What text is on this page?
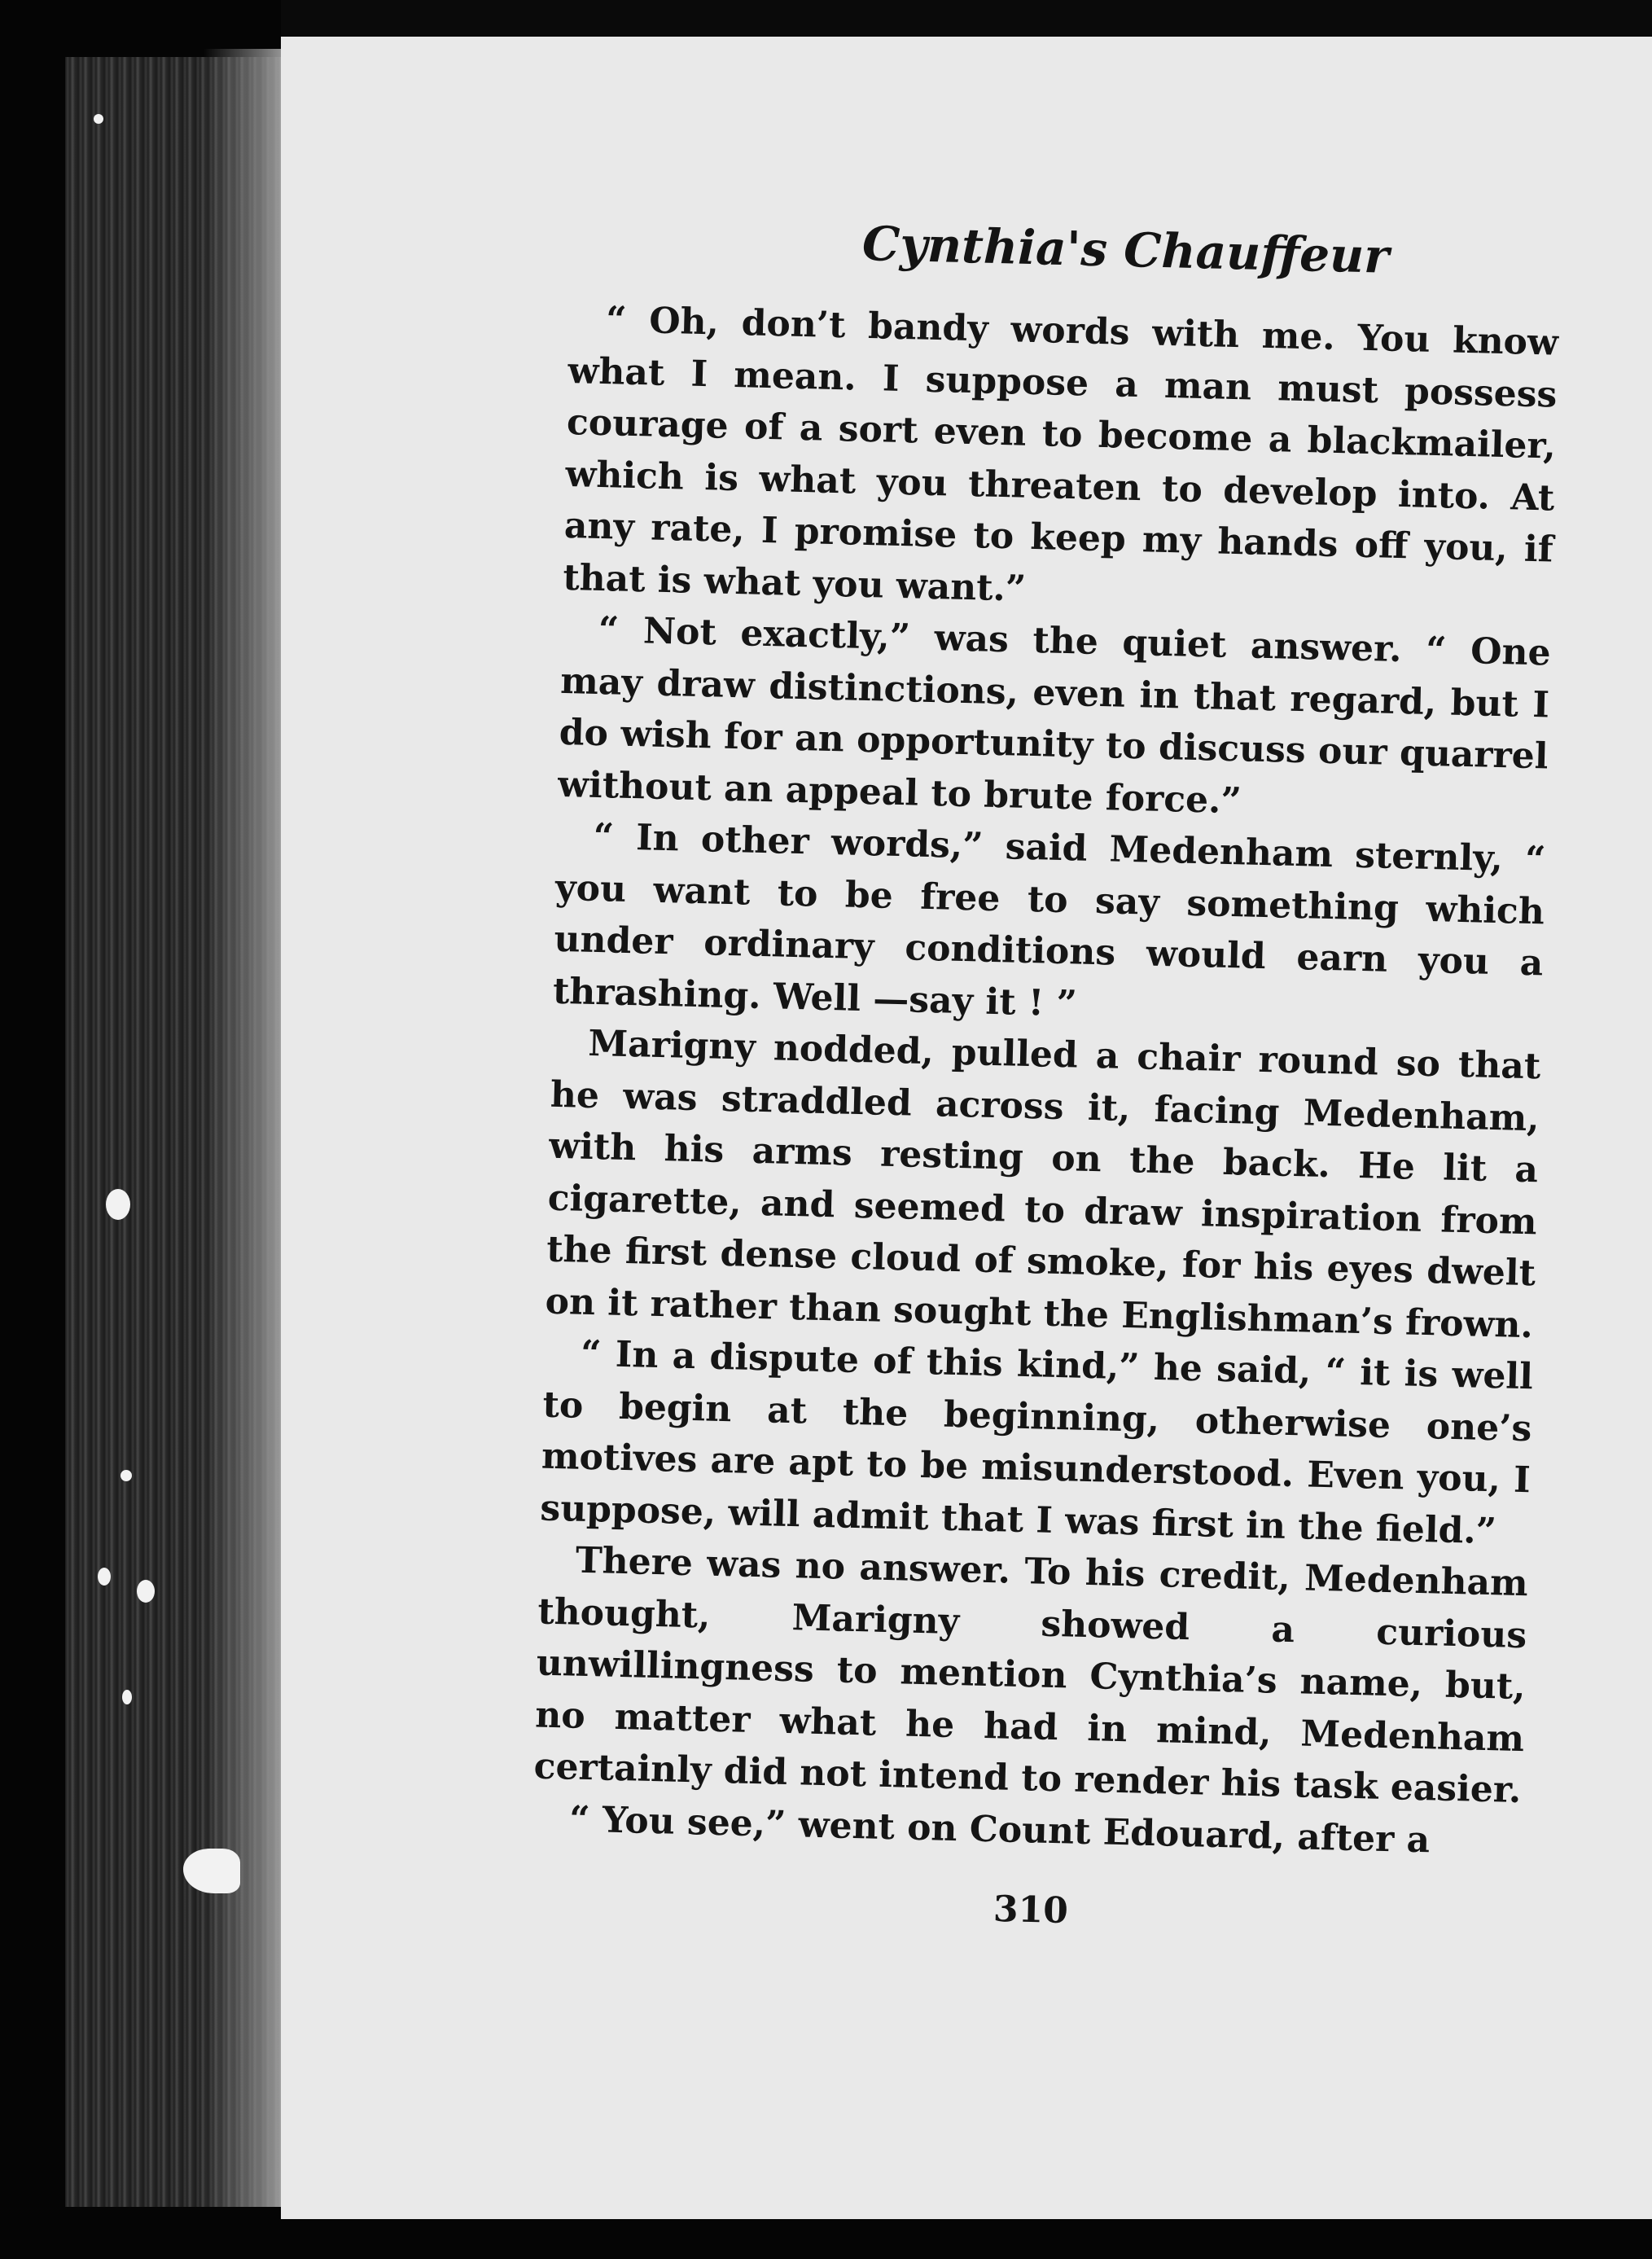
Cynthia's Chauffeur

“ Oh, don’t bandy words with me. You know what I mean. I suppose a man must possess courage of a sort even to become a blackmailer, which is what you threaten to develop into. At any rate, I promise to keep my hands off you, if that is what you want.”

“ Not exactly,” was the quiet answer. “ One may draw distinctions, even in that regard, but I do wish for an opportunity to discuss our quarrel without an appeal to brute force.”

“ In other words,” said Medenham sternly, “ you want to be free to say something which under ordinary conditions would earn you a thrashing. Well —say it ! ”

Marigny nodded, pulled a chair round so that he was straddled across it, facing Medenham, with his arms resting on the back. He lit a cigarette, and seemed to draw inspiration from the first dense cloud of smoke, for his eyes dwelt on it rather than sought the Englishman’s frown.

“ In a dispute of this kind,” he said, “ it is well to begin at the beginning, otherwise one’s motives are apt to be misunderstood. Even you, I suppose, will admit that I was first in the field.”

There was no answer. To his credit, Medenham thought, Marigny showed a curious unwillingness to mention Cynthia’s name, but, no matter what he had in mind, Medenham certainly did not intend to render his task easier.

“ You see,” went on Count Edouard, after a

310
